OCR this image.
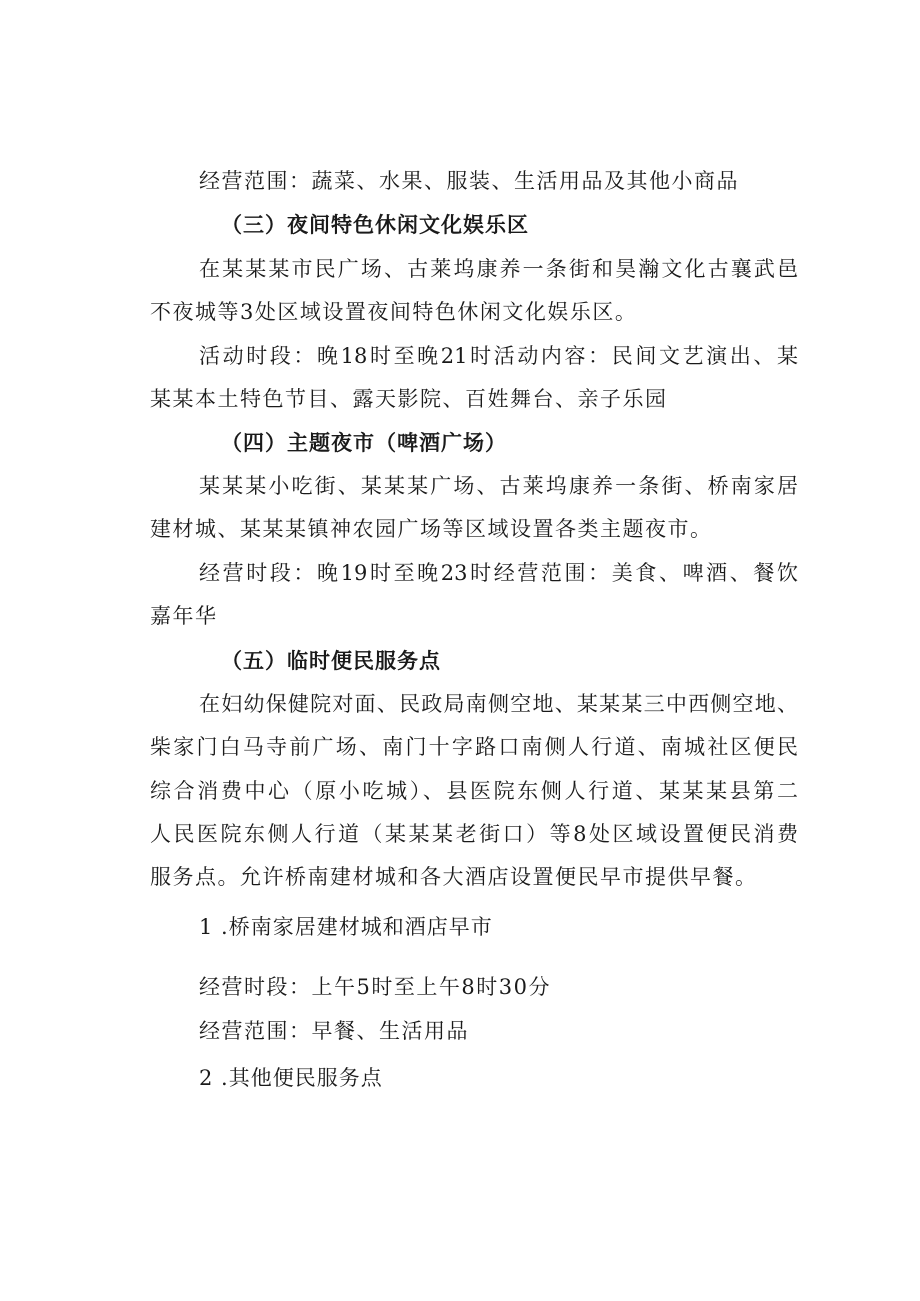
经营范围：蔬菜、水果、服装、生活用品及其他小商品
（三）夜间特色休闲文化娱乐区
在某某某市民广场、古莱坞康养一条街和昊瀚文化古襄武邑
不夜城等3处区域设置夜间特色休闲文化娱乐区。
活动时段：晚18时至晚21时活动内容：民间文艺演出、某
某某本土特色节目、露天影院、百姓舞台、亲子乐园
（四）主题夜市（啤酒广场）
某某某小吃街、某某某广场、古莱坞康养一条街、桥南家居
建材城、某某某镇神农园广场等区域设置各类主题夜市。
经营时段：晚19时至晚23时经营范围：美食、啤酒、餐饮
嘉年华
（五）临时便民服务点
在妇幼保健院对面、民政局南侧空地、某某某三中西侧空地、
柴家门白马寺前广场、南门十字路口南侧人行道、南城社区便民
综合消费中心（原小吃城）、县医院东侧人行道、某某某县第二
人民医院东侧人行道（某某某老街口）等8处区域设置便民消费
服务点。允许桥南建材城和各大酒店设置便民早市提供早餐。
1 .桥南家居建材城和酒店早市
经营时段：上午5时至上午8时30分
经营范围：早餐、生活用品
2 .其他便民服务点
